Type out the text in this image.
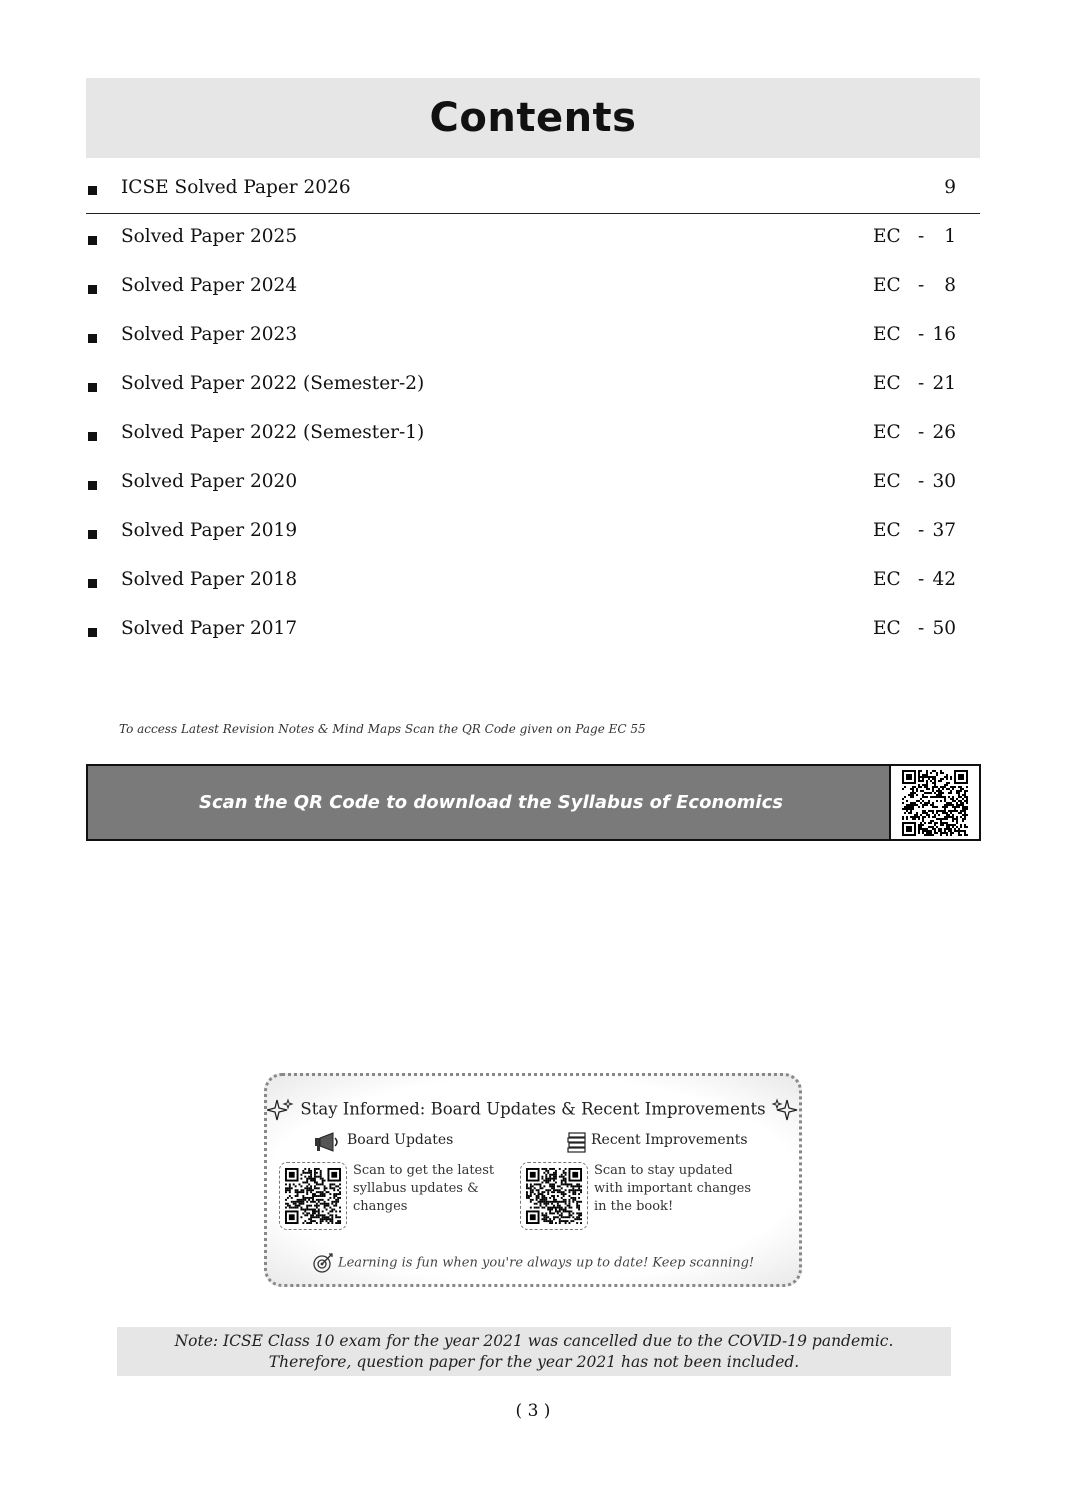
Contents
ICSE Solved Paper 2026	9
Solved Paper 2025	EC - 1
Solved Paper 2024	EC - 8
Solved Paper 2023	EC - 16
Solved Paper 2022 (Semester-2)	EC - 21
Solved Paper 2022 (Semester-1)	EC - 26
Solved Paper 2020	EC - 30
Solved Paper 2019	EC - 37
Solved Paper 2018	EC - 42
Solved Paper 2017	EC - 50
To access Latest Revision Notes & Mind Maps Scan the QR Code given on Page EC 55
Scan the QR Code to download the Syllabus of Economics
Stay Informed: Board Updates & Recent Improvements
Board Updates	Recent Improvements
Scan to get the latest syllabus updates & changes
Scan to stay updated with important changes in the book!
Learning is fun when you're always up to date! Keep scanning!
Note: ICSE Class 10 exam for the year 2021 was cancelled due to the COVID-19 pandemic.
Therefore, question paper for the year 2021 has not been included.
( 3 )
